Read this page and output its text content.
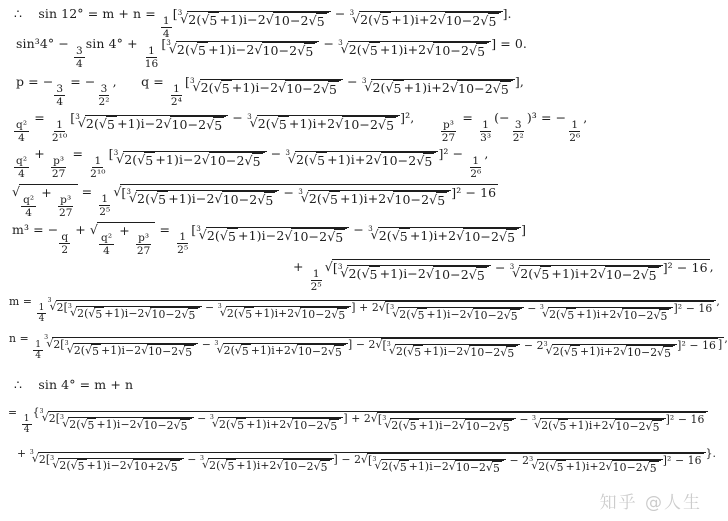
∴    sin 12° = m + n =
$\frac{1}{4}$
[ 3
√ 2( √ 5 +1)i−2 √ 10−2 √ 5
− 3
√ 2( √ 5 +1)i+2 √ 10−2 √ 5
].
sin³4° −
$\frac{3}{4}$
sin 4° +
$\frac{1}{16}$
[ 3
√ 2( √ 5 +1)i−2 √ 10−2 √ 5
− 3
√ 2( √ 5 +1)i+2 √ 10−2 √ 5
] = 0.
p = −
$\frac{3}{4}$
= −
$\frac{3}{\text{2²}}$
,      q =
$\frac{1}{\text{2⁴}}$
[ 3
√ 2( √ 5 +1)i−2 √ 10−2 √ 5
− 3
√ 2( √ 5 +1)i+2 √ 10−2 √ 5
],
$\frac{\text{q²}}{4}$
=
$\frac{1}{\text{2¹⁰}}$
[ 3
√ 2( √ 5 +1)i−2 √ 10−2 √ 5
− 3
√ 2( √ 5 +1)i+2 √ 10−2 √ 5
]²,
$\frac{\text{p³}}{27}$
=
$\frac{1}{\text{3³}}$
(−
$\frac{3}{\text{2²}}$
)³ = −
$\frac{1}{\text{2⁶}}$
,
$\frac{\text{q²}}{4}$
+
$\frac{\text{p³}}{27}$
=
$\frac{1}{\text{2¹⁰}}$
[ 3
√ 2( √ 5 +1)i−2 √ 10−2 √ 5
− 3
√ 2( √ 5 +1)i+2 √ 10−2 √ 5
]² −
$\frac{1}{\text{2⁶}}$
,
√
$\frac{\text{q²}}{4}$
+
$\frac{\text{p³}}{27}$
=
$\frac{1}{\text{2⁵}}$
√ [ 3
√ 2( √ 5 +1)i−2 √ 10−2 √ 5
− 3
√ 2( √ 5 +1)i+2 √ 10−2 √ 5
]² − 16
m³ = −
$\frac{q}{2}$
+ √
$\frac{\text{q²}}{4}$
+
$\frac{\text{p³}}{27}$
=
$\frac{1}{\text{2⁵}}$
[ 3
√ 2( √ 5 +1)i−2 √ 10−2 √ 5
− 3
√ 2( √ 5 +1)i+2 √ 10−2 √ 5
]
+
$\frac{1}{\text{2⁵}}$
√ [ 3
√ 2( √ 5 +1)i−2 √ 10−2 √ 5
− 3
√ 2( √ 5 +1)i+2 √ 10−2 √ 5
]² − 16 ,
m =
$\frac{1}{4}$
3
√ 2[ 3
√ 2( √ 5 +1)i−2 √ 10−2 √ 5
− 3
√ 2( √ 5 +1)i+2 √ 10−2 √ 5
] + 2 √ [ 3
√ 2( √ 5 +1)i−2 √ 10−2 √ 5
− 3
√ 2( √ 5 +1)i+2 √ 10−2 √ 5
]² − 16
,
n =
$\frac{1}{4}$
3
√ 2[ 3
√ 2( √ 5 +1)i−2 √ 10−2 √ 5
− 3
√ 2( √ 5 +1)i+2 √ 10−2 √ 5
] − 2 √ [ 3
√ 2( √ 5 +1)i−2 √ 10−2 √ 5
− 2 3
√ 2( √ 5 +1)i+2 √ 10−2 √ 5
]² − 16 ] ,
∴    sin 4° = m + n
=
$\frac{1}{4}$
{ 3
√ 2[ 3
√ 2( √ 5 +1)i−2 √ 10−2 √ 5
− 3
√ 2( √ 5 +1)i+2 √ 10−2 √ 5
] + 2 √ [ 3
√ 2( √ 5 +1)i−2 √ 10−2 √ 5
− 3
√ 2( √ 5 +1)i+2 √ 10−2 √ 5
]² − 16
+ 3
√ 2[ 3
√ 2( √ 5 +1)i−2 √ 10+2 √ 5
− 3
√ 2( √ 5 +1)i+2 √ 10−2 √ 5
] − 2 √ [ 3
√ 2( √ 5 +1)i−2 √ 10−2 √ 5
− 2 3
√ 2( √ 5 +1)i+2 √ 10−2 √ 5
]² − 16
}.
知乎 @人生
